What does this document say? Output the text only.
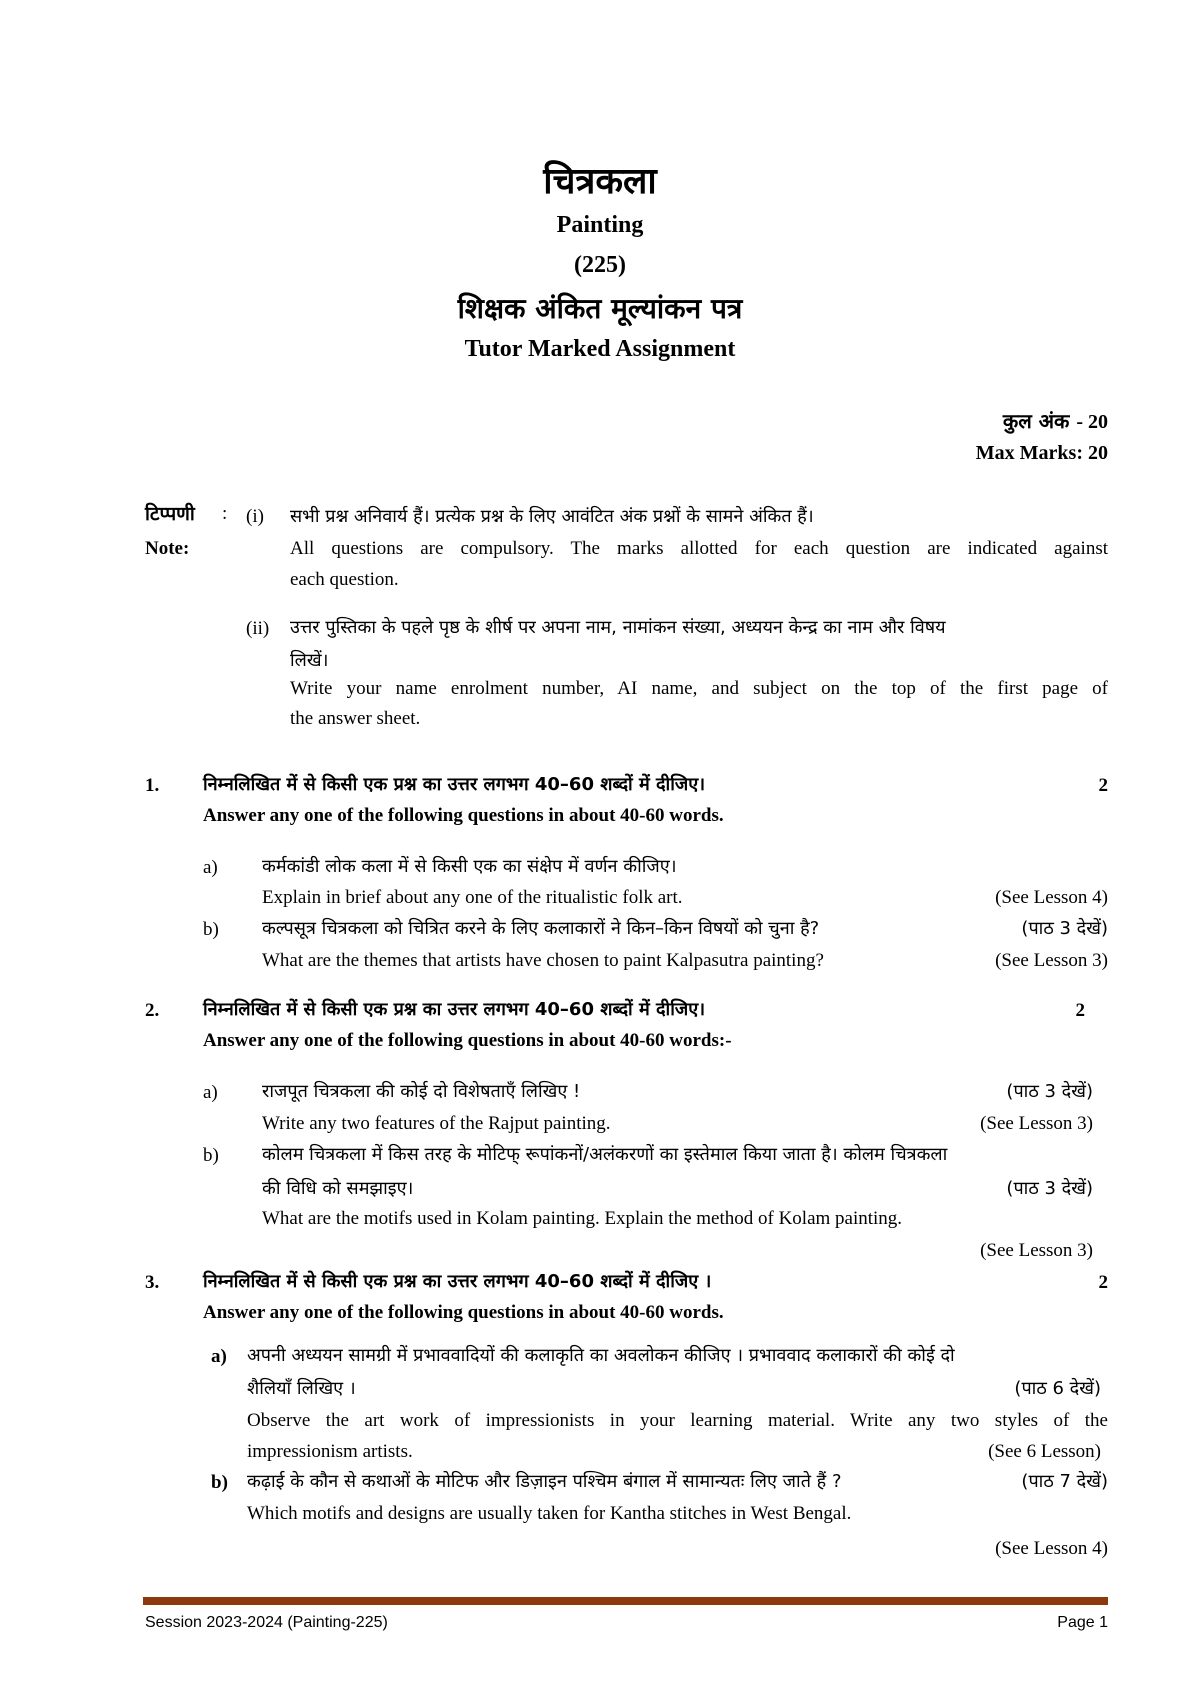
चित्रकला
Painting
(225)
शिक्षक अंकित मूल्यांकन पत्र
Tutor Marked Assignment
कुल अंक - 20
Max Marks: 20
टिप्पणी :
Note:
(i) सभी प्रश्न अनिवार्य हैं। प्रत्येक प्रश्न के लिए आवंटित अंक प्रश्नों के सामने अंकित हैं।
All questions are compulsory. The marks allotted for each question are indicated against
each question.
(ii) उत्तर पुस्तिका के पहले पृष्ठ के शीर्ष पर अपना नाम, नामांकन संख्या, अध्ययन केन्द्र का नाम और विषय
लिखें।
Write your name enrolment number, AI name, and subject on the top of the first page of
the answer sheet.
1. निम्नलिखित में से किसी एक प्रश्न का उत्तर लगभग 40–60 शब्दों में दीजिए।	2
Answer any one of the following questions in about 40-60 words.
a) कर्मकांडी लोक कला में से किसी एक का संक्षेप में वर्णन कीजिए।
Explain in brief about any one of the ritualistic folk art.	(See Lesson 4)
b) कल्पसूत्र चित्रकला को चित्रित करने के लिए कलाकारों ने किन–किन विषयों को चुना है?	(पाठ 3 देखें)
What are the themes that artists have chosen to paint Kalpasutra painting?	(See Lesson 3)
2. निम्नलिखित में से किसी एक प्रश्न का उत्तर लगभग 40–60 शब्दों में दीजिए।	2
Answer any one of the following questions in about 40-60 words:-
a) राजपूत चित्रकला की कोई दो विशेषताएँ लिखिए !	(पाठ 3 देखें)
Write any two features of the Rajput painting.	(See Lesson 3)
b) कोलम चित्रकला में किस तरह के मोटिफ् रूपांकनों/अलंकरणों का इस्तेमाल किया जाता है। कोलम चित्रकला
की विधि को समझाइए।	(पाठ 3 देखें)
What are the motifs used in Kolam painting. Explain the method of Kolam painting.
(See Lesson 3)
3. निम्नलिखित में से किसी एक प्रश्न का उत्तर लगभग 40–60 शब्दों में दीजिए ।	2
Answer any one of the following questions in about 40-60 words.
a) अपनी अध्ययन सामग्री में प्रभाववादियों की कलाकृति का अवलोकन कीजिए । प्रभाववाद कलाकारों की कोई दो
शैलियाँ लिखिए ।	(पाठ 6 देखें)
Observe the art work of impressionists in your learning material. Write any two styles of the
impressionism artists.	(See 6 Lesson)
b) कढ़ाई के कौन से कथाओं के मोटिफ और डिज़ाइन पश्चिम बंगाल में सामान्यतः लिए जाते हैं ?	(पाठ 7 देखें)
Which motifs and designs are usually taken for Kantha stitches in West Bengal.
(See Lesson 4)
Session 2023-2024 (Painting-225)	Page 1
